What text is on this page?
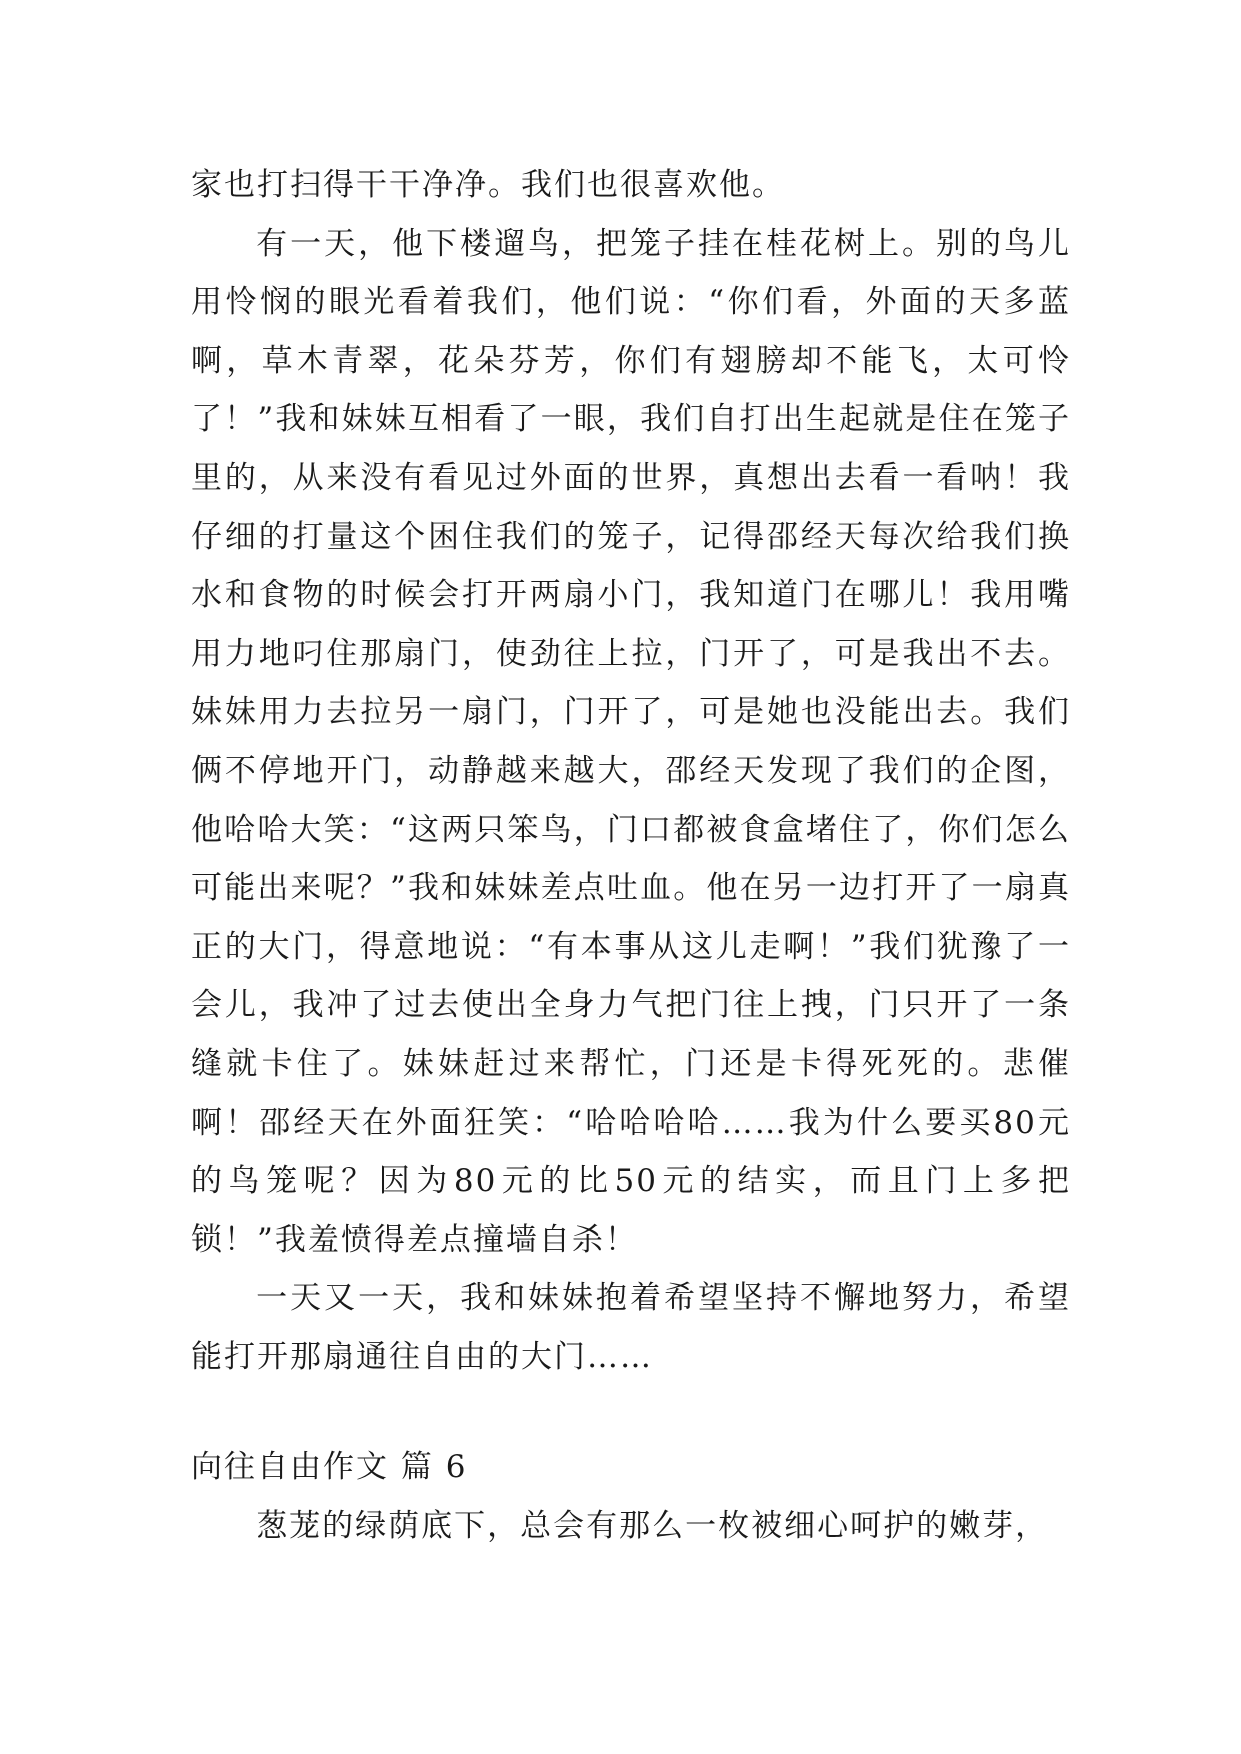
家也打扫得干干净净。我们也很喜欢他。

有一天，他下楼遛鸟，把笼子挂在桂花树上。别的鸟儿用怜悯的眼光看着我们，他们说：“你们看，外面的天多蓝啊，草木青翠，花朵芬芳，你们有翅膀却不能飞，太可怜了！”我和妹妹互相看了一眼，我们自打出生起就是住在笼子里的，从来没有看见过外面的世界，真想出去看一看呐！我仔细的打量这个困住我们的笼子，记得邵经天每次给我们换水和食物的时候会打开两扇小门，我知道门在哪儿！我用嘴用力地叼住那扇门，使劲往上拉，门开了，可是我出不去。妹妹用力去拉另一扇门，门开了，可是她也没能出去。我们俩不停地开门，动静越来越大，邵经天发现了我们的企图，他哈哈大笑：“这两只笨鸟，门口都被食盒堵住了，你们怎么可能出来呢？”我和妹妹差点吐血。他在另一边打开了一扇真正的大门，得意地说：“有本事从这儿走啊！”我们犹豫了一会儿，我冲了过去使出全身力气把门往上拽，门只开了一条缝就卡住了。妹妹赶过来帮忙，门还是卡得死死的。悲催啊！邵经天在外面狂笑：“哈哈哈哈……我为什么要买80元的鸟笼呢？因为80元的比50元的结实，而且门上多把锁！”我羞愤得差点撞墙自杀！

一天又一天，我和妹妹抱着希望坚持不懈地努力，希望能打开那扇通往自由的大门……

向往自由作文 篇 6

葱茏的绿荫底下，总会有那么一枚被细心呵护的嫩芽，
